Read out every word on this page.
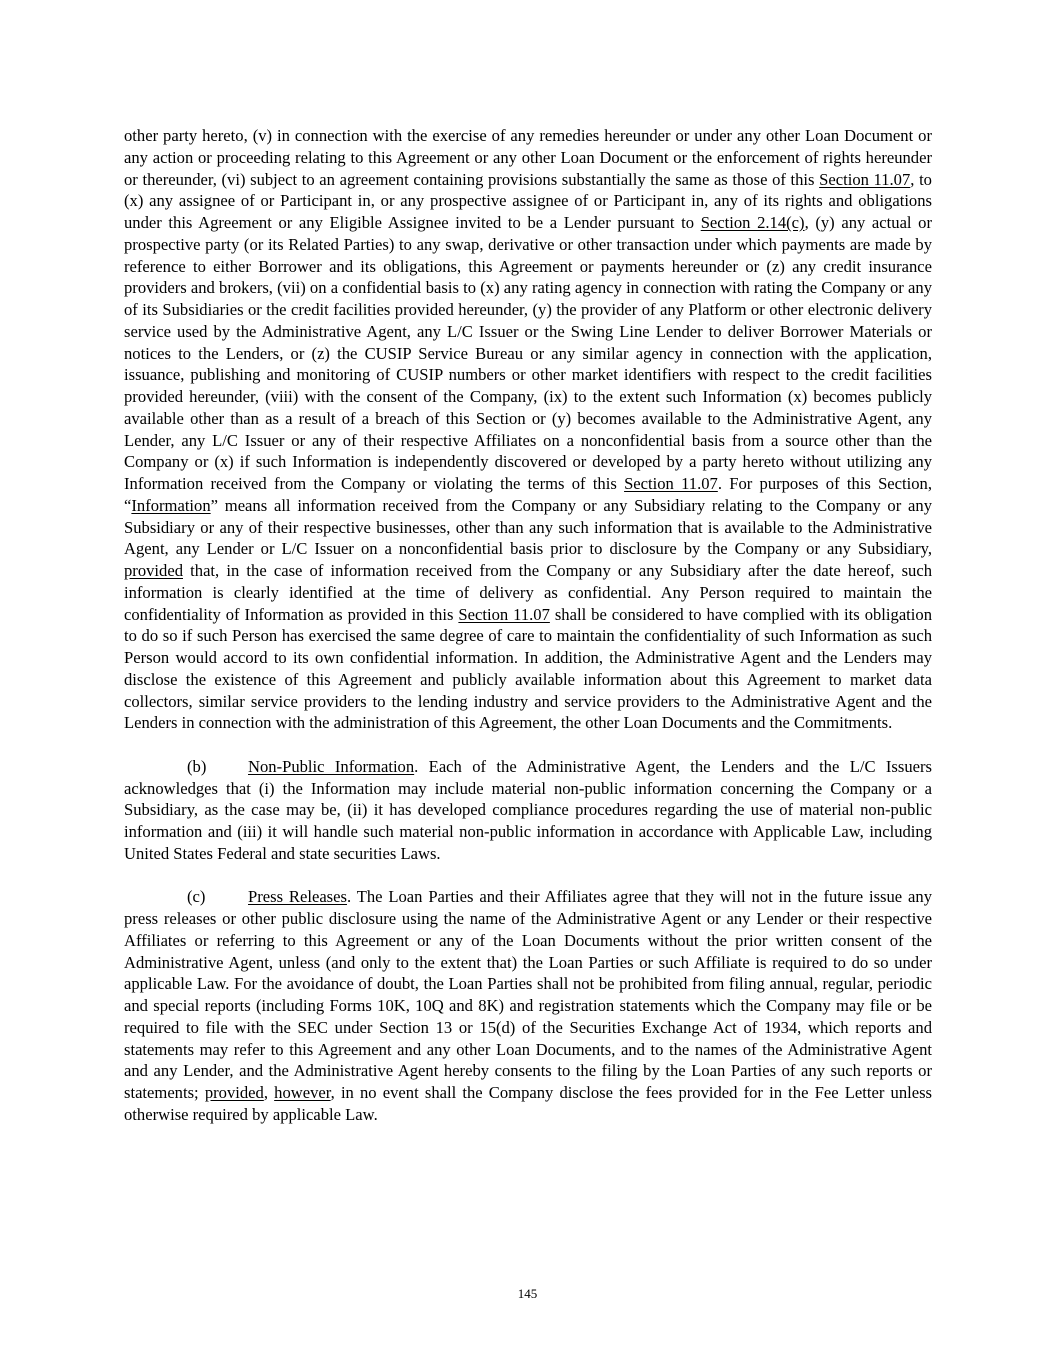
other party hereto, (v) in connection with the exercise of any remedies hereunder or under any other Loan Document or any action or proceeding relating to this Agreement or any other Loan Document or the enforcement of rights hereunder or thereunder, (vi) subject to an agreement containing provisions substantially the same as those of this Section 11.07, to (x) any assignee of or Participant in, or any prospective assignee of or Participant in, any of its rights and obligations under this Agreement or any Eligible Assignee invited to be a Lender pursuant to Section 2.14(c), (y) any actual or prospective party (or its Related Parties) to any swap, derivative or other transaction under which payments are made by reference to either Borrower and its obligations, this Agreement or payments hereunder or (z) any credit insurance providers and brokers, (vii) on a confidential basis to (x) any rating agency in connection with rating the Company or any of its Subsidiaries or the credit facilities provided hereunder, (y) the provider of any Platform or other electronic delivery service used by the Administrative Agent, any L/C Issuer or the Swing Line Lender to deliver Borrower Materials or notices to the Lenders, or (z) the CUSIP Service Bureau or any similar agency in connection with the application, issuance, publishing and monitoring of CUSIP numbers or other market identifiers with respect to the credit facilities provided hereunder, (viii) with the consent of the Company, (ix) to the extent such Information (x) becomes publicly available other than as a result of a breach of this Section or (y) becomes available to the Administrative Agent, any Lender, any L/C Issuer or any of their respective Affiliates on a nonconfidential basis from a source other than the Company or (x) if such Information is independently discovered or developed by a party hereto without utilizing any Information received from the Company or violating the terms of this Section 11.07. For purposes of this Section, “Information” means all information received from the Company or any Subsidiary relating to the Company or any Subsidiary or any of their respective businesses, other than any such information that is available to the Administrative Agent, any Lender or L/C Issuer on a nonconfidential basis prior to disclosure by the Company or any Subsidiary, provided that, in the case of information received from the Company or any Subsidiary after the date hereof, such information is clearly identified at the time of delivery as confidential. Any Person required to maintain the confidentiality of Information as provided in this Section 11.07 shall be considered to have complied with its obligation to do so if such Person has exercised the same degree of care to maintain the confidentiality of such Information as such Person would accord to its own confidential information. In addition, the Administrative Agent and the Lenders may disclose the existence of this Agreement and publicly available information about this Agreement to market data collectors, similar service providers to the lending industry and service providers to the Administrative Agent and the Lenders in connection with the administration of this Agreement, the other Loan Documents and the Commitments.

(b)	Non-Public Information. Each of the Administrative Agent, the Lenders and the L/C Issuers acknowledges that (i) the Information may include material non-public information concerning the Company or a Subsidiary, as the case may be, (ii) it has developed compliance procedures regarding the use of material non-public information and (iii) it will handle such material non-public information in accordance with Applicable Law, including United States Federal and state securities Laws.

(c)	Press Releases. The Loan Parties and their Affiliates agree that they will not in the future issue any press releases or other public disclosure using the name of the Administrative Agent or any Lender or their respective Affiliates or referring to this Agreement or any of the Loan Documents without the prior written consent of the Administrative Agent, unless (and only to the extent that) the Loan Parties or such Affiliate is required to do so under applicable Law. For the avoidance of doubt, the Loan Parties shall not be prohibited from filing annual, regular, periodic and special reports (including Forms 10K, 10Q and 8K) and registration statements which the Company may file or be required to file with the SEC under Section 13 or 15(d) of the Securities Exchange Act of 1934, which reports and statements may refer to this Agreement and any other Loan Documents, and to the names of the Administrative Agent and any Lender, and the Administrative Agent hereby consents to the filing by the Loan Parties of any such reports or statements; provided, however, in no event shall the Company disclose the fees provided for in the Fee Letter unless otherwise required by applicable Law.

145
